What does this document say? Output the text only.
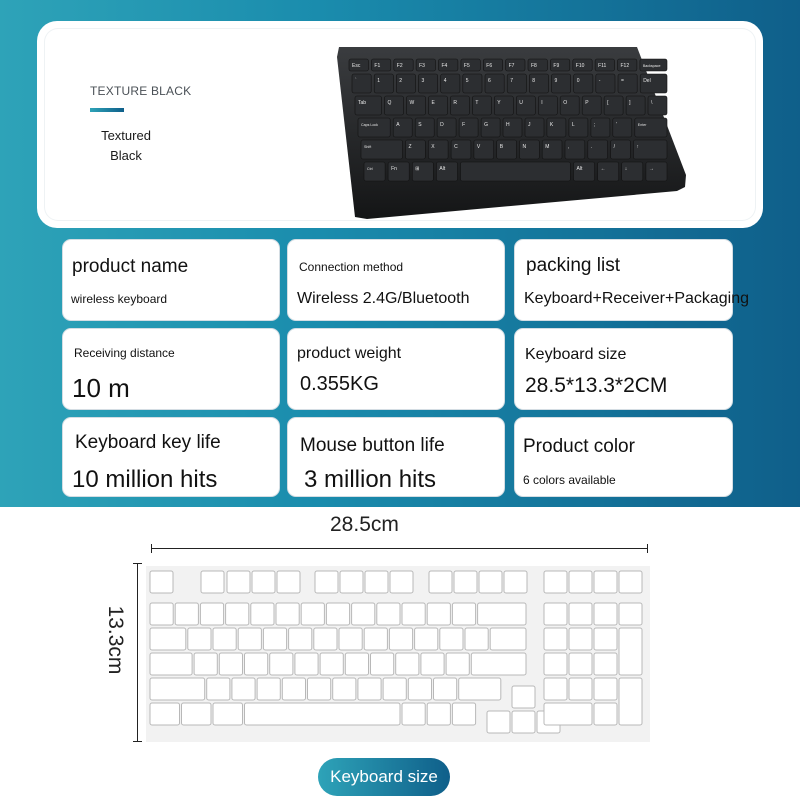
TEXTURE BLACK
Textured
Black
Esc	F1	F2	F3	F4	F5	F6	F7	F8	F9	F10	F11	F12	Backspace
`	1	2	3	4	5	6	7	8	9	0	-	=	Del
Tab	Q	W	E	R	T	Y	U	I	O	P	[	]	\
Caps Lock	A	S	D	F	G	H	J	K	L	;	'	Enter
Shift	Z	X	C	V	B	N	M	,	.	/	↑
Ctrl	Fn	⊞	Alt	Alt	←	↓	→
product name
wireless keyboard
Connection method
Wireless 2.4G/Bluetooth
packing list
Keyboard+Receiver+Packaging
Receiving distance
10 m
product weight
0.355KG
Keyboard size
28.5*13.3*2CM
Keyboard key life
10 million hits
Mouse button life
3 million hits
Product color
6 colors available
28.5cm
13.3cm
Keyboard size
